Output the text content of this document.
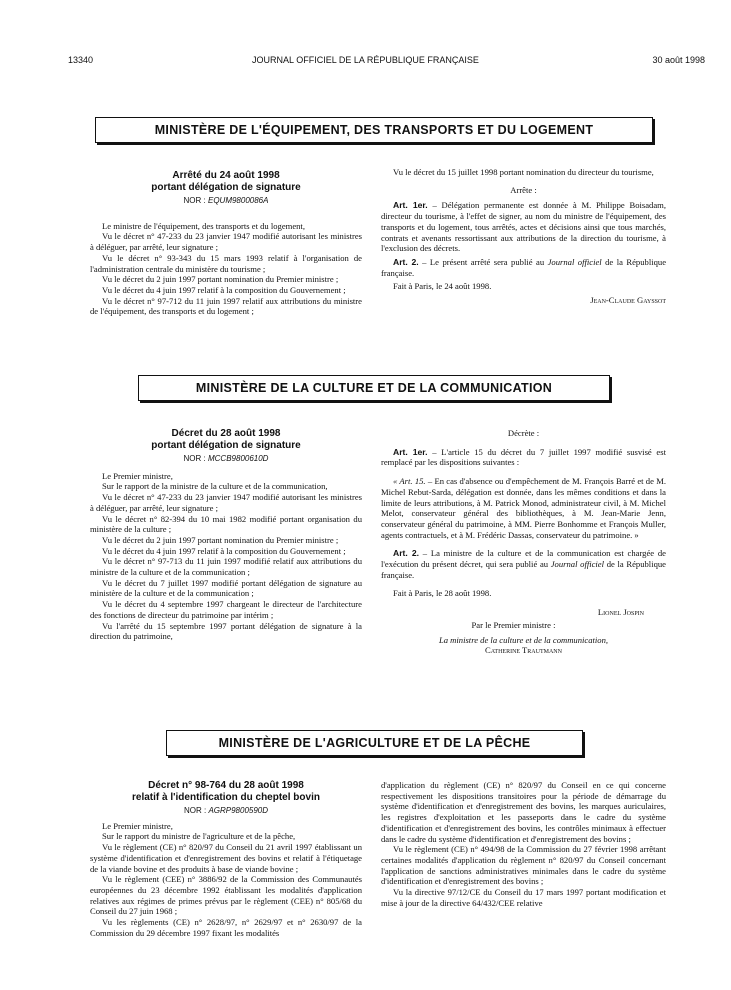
13340	JOURNAL OFFICIEL DE LA RÉPUBLIQUE FRANÇAISE	30 août 1998
MINISTÈRE DE L'ÉQUIPEMENT, DES TRANSPORTS ET DU LOGEMENT
Arrêté du 24 août 1998
portant délégation de signature
NOR : EQUM9800086A

Le ministre de l'équipement, des transports et du logement,

Vu le décret n° 47-233 du 23 janvier 1947 modifié autorisant les ministres à déléguer, par arrêté, leur signature ;

Vu le décret n° 93-343 du 15 mars 1993 relatif à l'organisation de l'administration centrale du ministère du tourisme ;

Vu le décret du 2 juin 1997 portant nomination du Premier ministre ;

Vu le décret du 4 juin 1997 relatif à la composition du Gouvernement ;

Vu le décret n° 97-712 du 11 juin 1997 relatif aux attributions du ministre de l'équipement, des transports et du logement ;

Vu le décret du 15 juillet 1998 portant nomination du directeur du tourisme,

Arrête :

Art. 1er. – Délégation permanente est donnée à M. Philippe Boisadam, directeur du tourisme, à l'effet de signer, au nom du ministre de l'équipement, des transports et du logement, tous arrêtés, actes et décisions ainsi que tous marchés, contrats et avenants ressortissant aux attributions de la direction du tourisme, à l'exclusion des décrets.

Art. 2. – Le présent arrêté sera publié au Journal officiel de la République française.

Fait à Paris, le 24 août 1998.

Jean-Claude Gayssot

MINISTÈRE DE LA CULTURE ET DE LA COMMUNICATION
Décret du 28 août 1998
portant délégation de signature
NOR : MCCB9800610D

Le Premier ministre,

Sur le rapport de la ministre de la culture et de la communication,

Vu le décret n° 47-233 du 23 janvier 1947 modifié autorisant les ministres à déléguer, par arrêté, leur signature ;

Vu le décret n° 82-394 du 10 mai 1982 modifié portant organisation du ministère de la culture ;

Vu le décret du 2 juin 1997 portant nomination du Premier ministre ;

Vu le décret du 4 juin 1997 relatif à la composition du Gouvernement ;

Vu le décret n° 97-713 du 11 juin 1997 modifié relatif aux attributions du ministre de la culture et de la communication ;

Vu le décret du 7 juillet 1997 modifié portant délégation de signature au ministère de la culture et de la communication ;

Vu le décret du 4 septembre 1997 chargeant le directeur de l'architecture des fonctions de directeur du patrimoine par intérim ;

Vu l'arrêté du 15 septembre 1997 portant délégation de signature à la direction du patrimoine,

Décrète :

Art. 1er. – L'article 15 du décret du 7 juillet 1997 modifié susvisé est remplacé par les dispositions suivantes :

« Art. 15. – En cas d'absence ou d'empêchement de M. François Barré et de M. Michel Rebut-Sarda, délégation est donnée, dans les mêmes conditions et dans la limite de leurs attributions, à M. Patrick Monod, administrateur civil, à M. Michel Melot, conservateur général des bibliothèques, à M. Jean-Marie Jenn, conservateur général du patrimoine, à MM. Pierre Bonhomme et François Muller, agents contractuels, et à M. Frédéric Dassas, conservateur du patrimoine. »

Art. 2. – La ministre de la culture et de la communication est chargée de l'exécution du présent décret, qui sera publié au Journal officiel de la République française.

Fait à Paris, le 28 août 1998.

Lionel Jospin

Par le Premier ministre :

La ministre de la culture et de la communication,

Catherine Trautmann

MINISTÈRE DE L'AGRICULTURE ET DE LA PÊCHE
Décret n° 98-764 du 28 août 1998
relatif à l'identification du cheptel bovin
NOR : AGRP9800590D

Le Premier ministre,

Sur le rapport du ministre de l'agriculture et de la pêche,

Vu le règlement (CE) n° 820/97 du Conseil du 21 avril 1997 établissant un système d'identification et d'enregistrement des bovins et relatif à l'étiquetage de la viande bovine et des produits à base de viande bovine ;

Vu le règlement (CEE) n° 3886/92 de la Commission des Communautés européennes du 23 décembre 1992 établissant les modalités d'application relatives aux régimes de primes prévus par le règlement (CEE) n° 805/68 du Conseil du 27 juin 1968 ;

Vu les règlements (CE) n° 2628/97, n° 2629/97 et n° 2630/97 de la Commission du 29 décembre 1997 fixant les modalités

d'application du règlement (CE) n° 820/97 du Conseil en ce qui concerne respectivement les dispositions transitoires pour la période de démarrage du système d'identification et d'enregistrement des bovins, les marques auriculaires, les registres d'exploitation et les passeports dans le cadre du système d'identification et d'enregistrement des bovins, les contrôles minimaux à effectuer dans le cadre du système d'identification et d'enregistrement des bovins ;

Vu le règlement (CE) n° 494/98 de la Commission du 27 février 1998 arrêtant certaines modalités d'application du règlement n° 820/97 du Conseil concernant l'application de sanctions administratives minimales dans le cadre du système d'identification et d'enregistrement des bovins ;

Vu la directive 97/12/CE du Conseil du 17 mars 1997 portant modification et mise à jour de la directive 64/432/CEE relative
